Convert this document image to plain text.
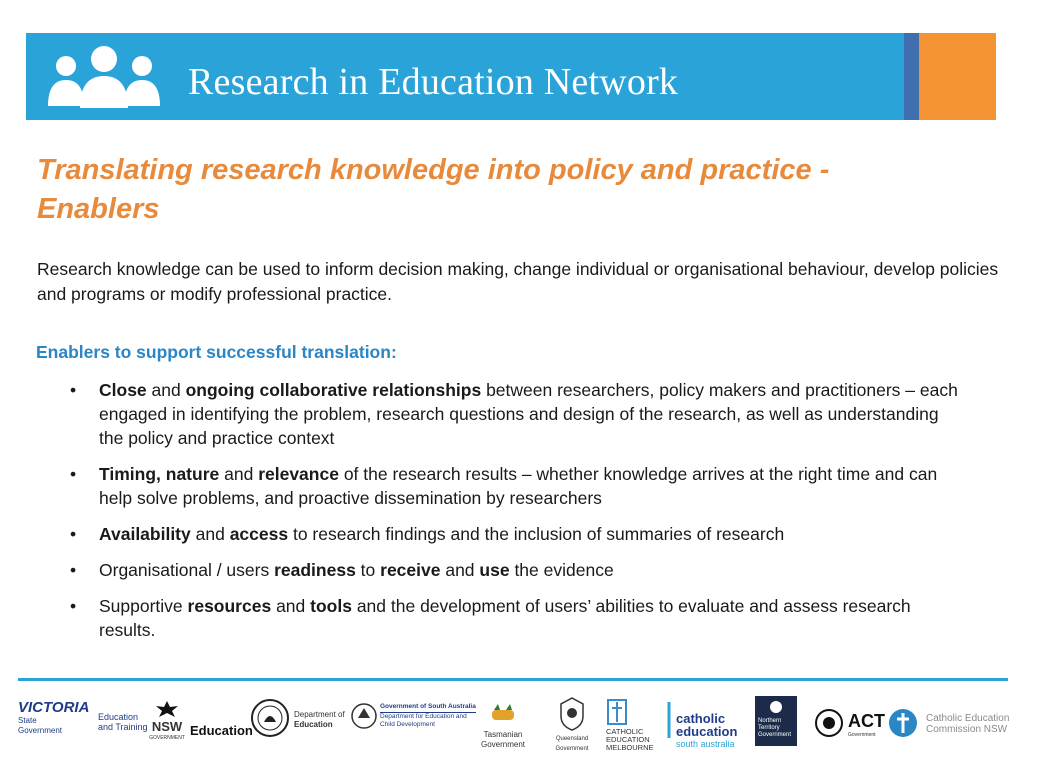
Research in Education Network
Translating research knowledge into policy and practice -
Enablers
Research knowledge can be used to inform decision making, change individual or organisational behaviour, develop policies and programs or modify professional practice.
Enablers to support successful translation:
• Close and ongoing collaborative relationships between researchers, policy makers and practitioners – each engaged in identifying the problem, research questions and design of the research, as well as understanding the policy and practice context
• Timing, nature and relevance of the research results – whether knowledge arrives at the right time and can help solve problems, and proactive dissemination by researchers
• Availability and access to research findings and the inclusion of summaries of research
• Organisational / users readiness to receive and use the evidence
• Supportive resources and tools and the development of users’ abilities to evaluate and assess research results.
VICTORIA
State
Government
Education
and Training NSW
GOVERNMENT Education
Department of
Education
Government of South Australia
Department for Education and
Child Development
Tasmanian
Government
Queensland
Government
CATHOLIC
EDUCATION
MELBOURNE
catholic
education
south australia
Northern
Territory
Government
ACT
Government
Catholic Education
Commission NSW
